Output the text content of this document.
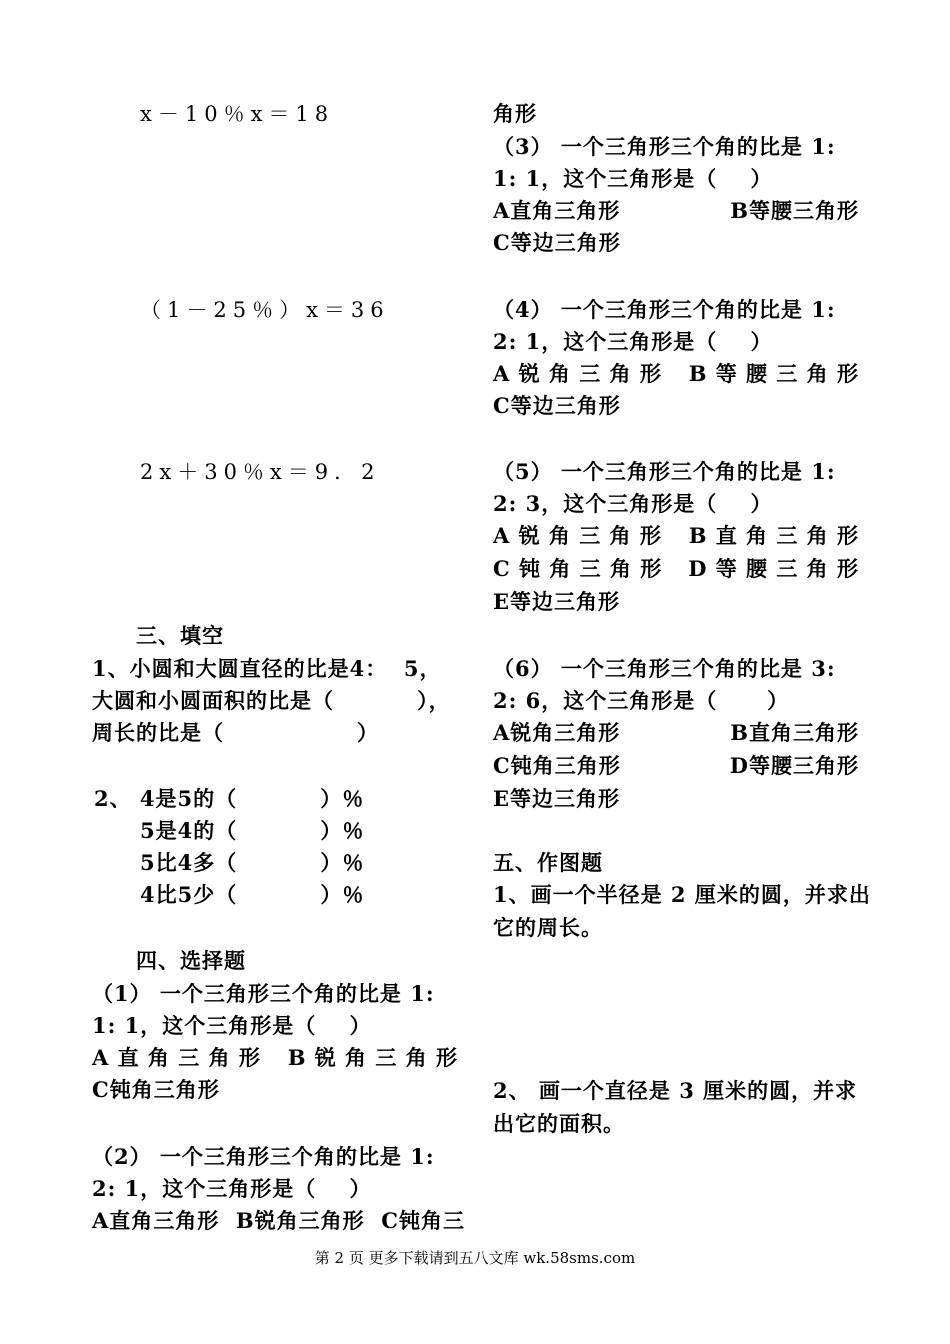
x－10％x＝18
（1－25％）x＝36
2x＋30％x＝9．2
三、填空
1、小圆和大圆直径的比是4：  5，
大圆和小圆面积的比是（          ），
周长的比是（                ）
2、 4是5的（          ）％
5是4的（          ）％
5比4多（          ）％
4比5少（          ）％
四、选择题
（1） 一个三角形三个角的比是 1:
1: 1，这个三角形是（    ）
A 直 角 三 角 形 B 锐 角 三 角 形
C钝角三角形
（2） 一个三角形三个角的比是 1:
2: 1，这个三角形是（    ）
A直角三角形  B锐角三角形  C钝角三
角形
（3） 一个三角形三个角的比是 1:
1: 1，这个三角形是（    ）
A直角三角形	B等腰三角形
C等边三角形
（4） 一个三角形三个角的比是 1:
2: 1，这个三角形是（    ）
A 锐 角 三 角 形 B 等 腰 三 角 形
C等边三角形
（5） 一个三角形三个角的比是 1:
2: 3，这个三角形是（    ）
A 锐 角 三 角 形 B 直 角 三 角 形
C 钝 角 三 角 形 D 等 腰 三 角 形
E等边三角形
（6） 一个三角形三个角的比是 3:
2: 6，这个三角形是（      ）
A锐角三角形	B直角三角形
C钝角三角形	D等腰三角形
E等边三角形
五、作图题
1、画一个半径是 2 厘米的圆，并求出
它的周长。
2、 画一个直径是 3 厘米的圆，并求
出它的面积。
第 2 页 更多下载请到五八文库 wk.58sms.com
